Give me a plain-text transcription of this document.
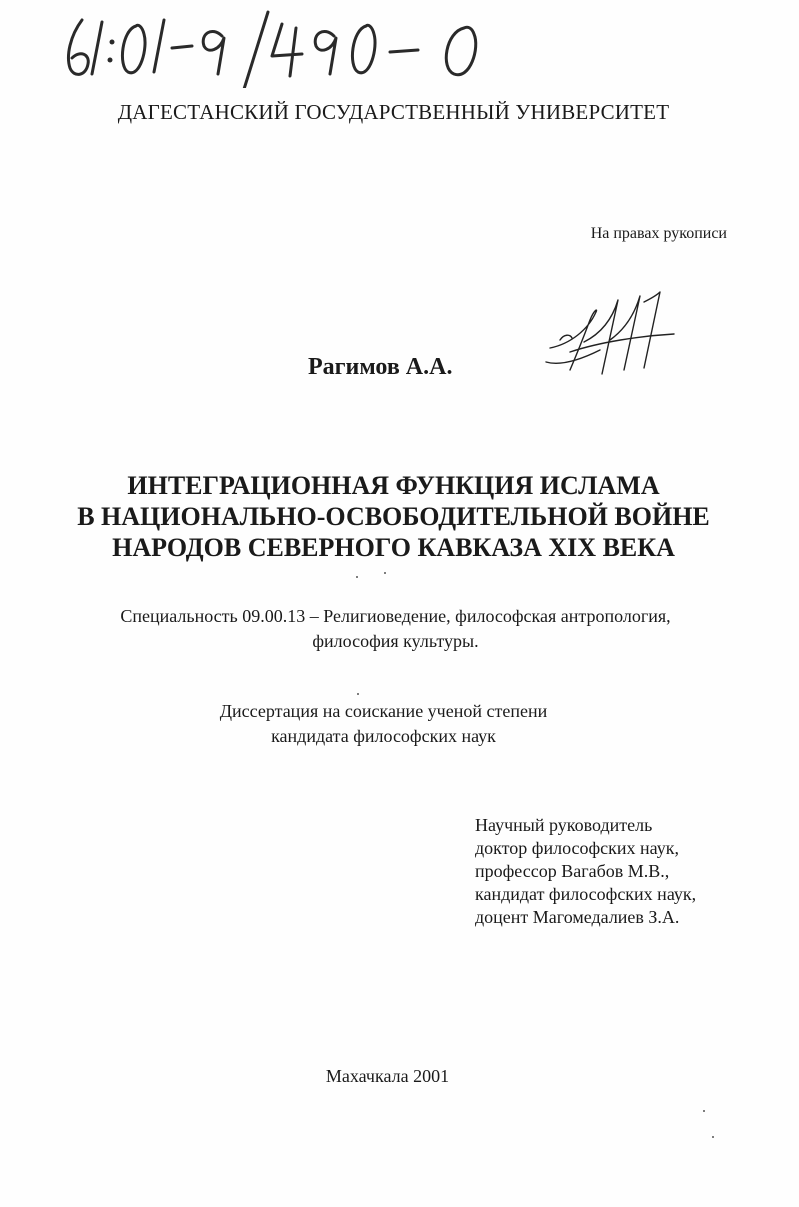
ДАГЕСТАНСКИЙ ГОСУДАРСТВЕННЫЙ УНИВЕРСИТЕТ
На правах рукописи
Рагимов А.А.
ИНТЕГРАЦИОННАЯ ФУНКЦИЯ ИСЛАМА
В НАЦИОНАЛЬНО-ОСВОБОДИТЕЛЬНОЙ ВОЙНЕ
НАРОДОВ СЕВЕРНОГО КАВКАЗА XIX ВЕКА
Специальность 09.00.13 – Религиоведение, философская антропология,
философия культуры.
Диссертация на соискание ученой степени
кандидата философских наук
Научный руководитель
доктор философских наук,
профессор Вагабов М.В.,
кандидат философских наук,
доцент Магомедалиев З.А.
Махачкала 2001
